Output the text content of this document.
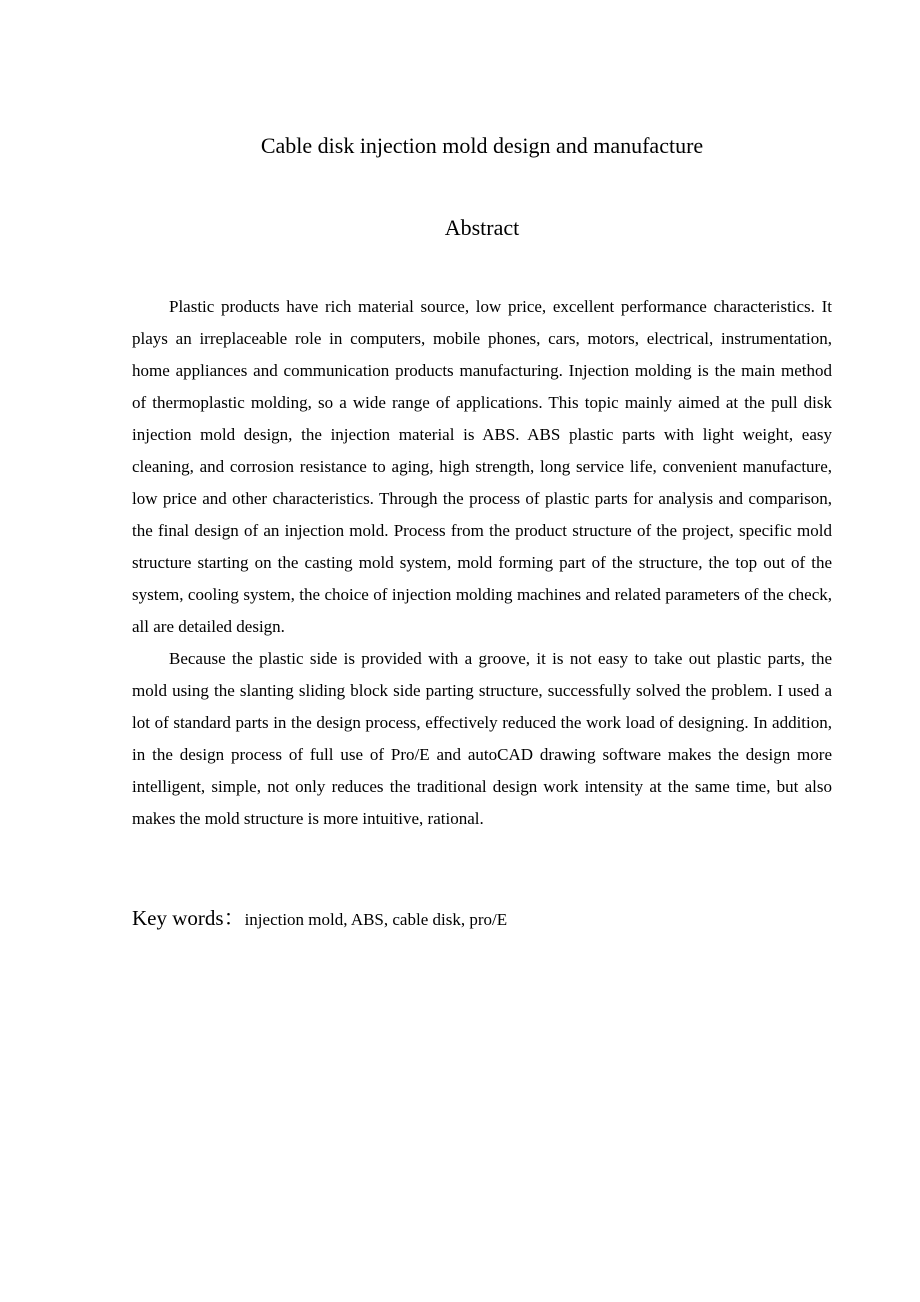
Cable disk injection mold design and manufacture
Abstract

Plastic products have rich material source, low price, excellent performance characteristics. It plays an irreplaceable role in computers, mobile phones, cars, motors, electrical, instrumentation, home appliances and communication products manufacturing. Injection molding is the main method of thermoplastic molding, so a wide range of applications. This topic mainly aimed at the pull disk injection mold design, the injection material is ABS. ABS plastic parts with light weight, easy cleaning, and corrosion resistance to aging, high strength, long service life, convenient manufacture, low price and other characteristics. Through the process of plastic parts for analysis and comparison, the final design of an injection mold. Process from the product structure of the project, specific mold structure starting on the casting mold system, mold forming part of the structure, the top out of the system, cooling system, the choice of injection molding machines and related parameters of the check, all are detailed design.

Because the plastic side is provided with a groove, it is not easy to take out plastic parts, the mold using the slanting sliding block side parting structure, successfully solved the problem. I used a lot of standard parts in the design process, effectively reduced the work load of designing. In addition, in the design process of full use of Pro/E and autoCAD drawing software makes the design more intelligent, simple, not only reduces the traditional design work intensity at the same time, but also makes the mold structure is more intuitive, rational.

Key words：injection mold, ABS, cable disk, pro/E
